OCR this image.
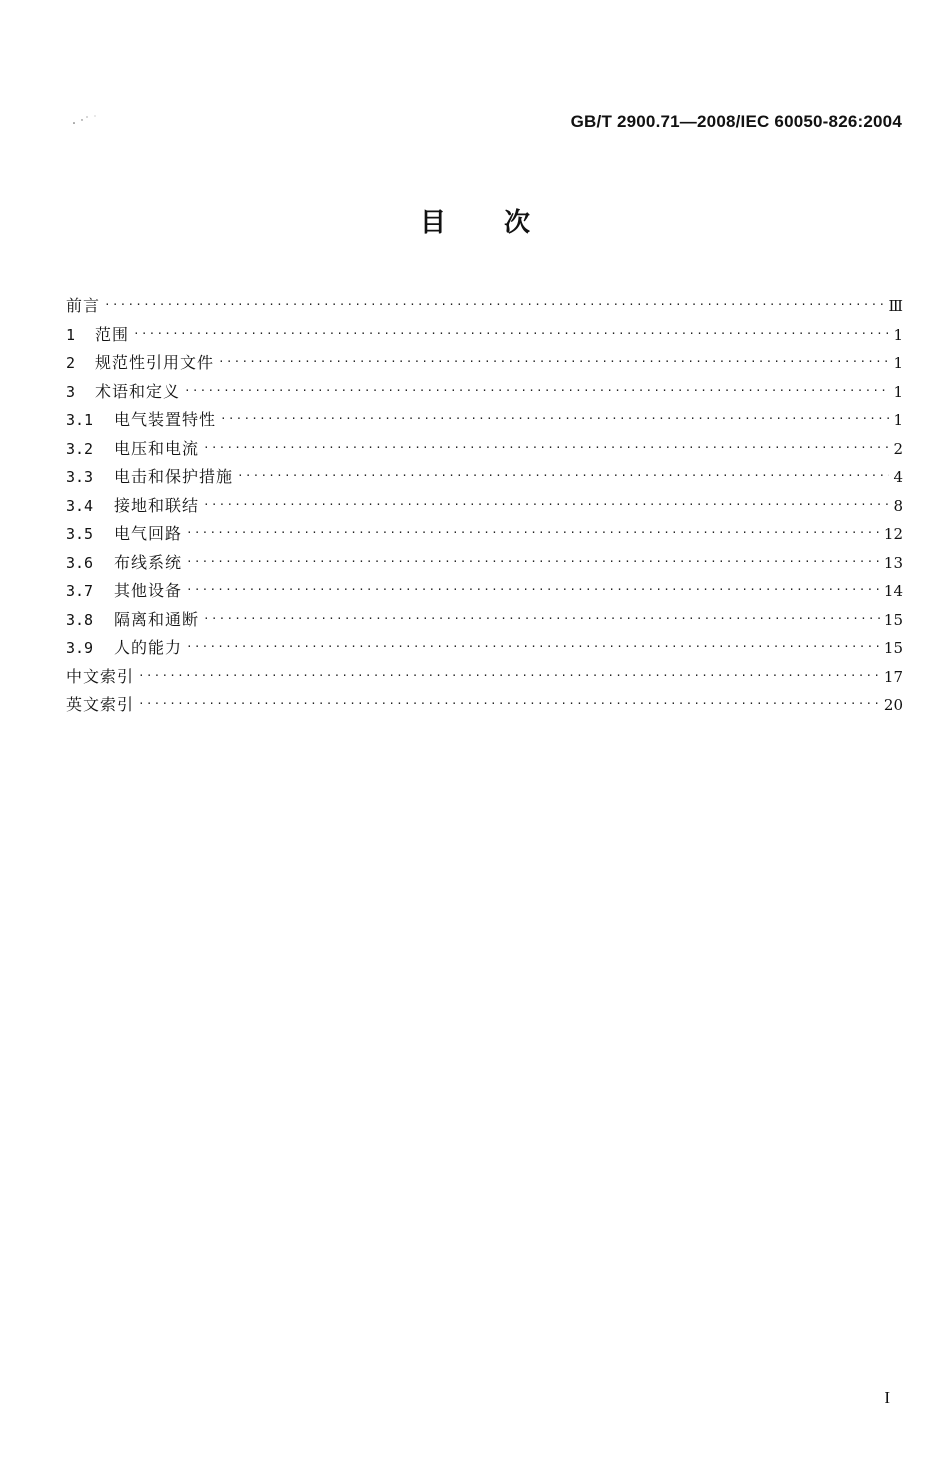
GB/T 2900.71—2008/IEC 60050-826:2004
目 次
前言 ·····	Ⅲ
1	范围 ·····	1
2	规范性引用文件 ·····	1
3	术语和定义 ·····	1
3.1	电气装置特性 ·····	1
3.2	电压和电流 ·····	2
3.3	电击和保护措施 ·····	4
3.4	接地和联结 ·····	8
3.5	电气回路 ·····	12
3.6	布线系统 ·····	13
3.7	其他设备 ·····	14
3.8	隔离和通断 ·····	15
3.9	人的能力 ·····	15
中文索引 ·····	17
英文索引 ·····	20
I
